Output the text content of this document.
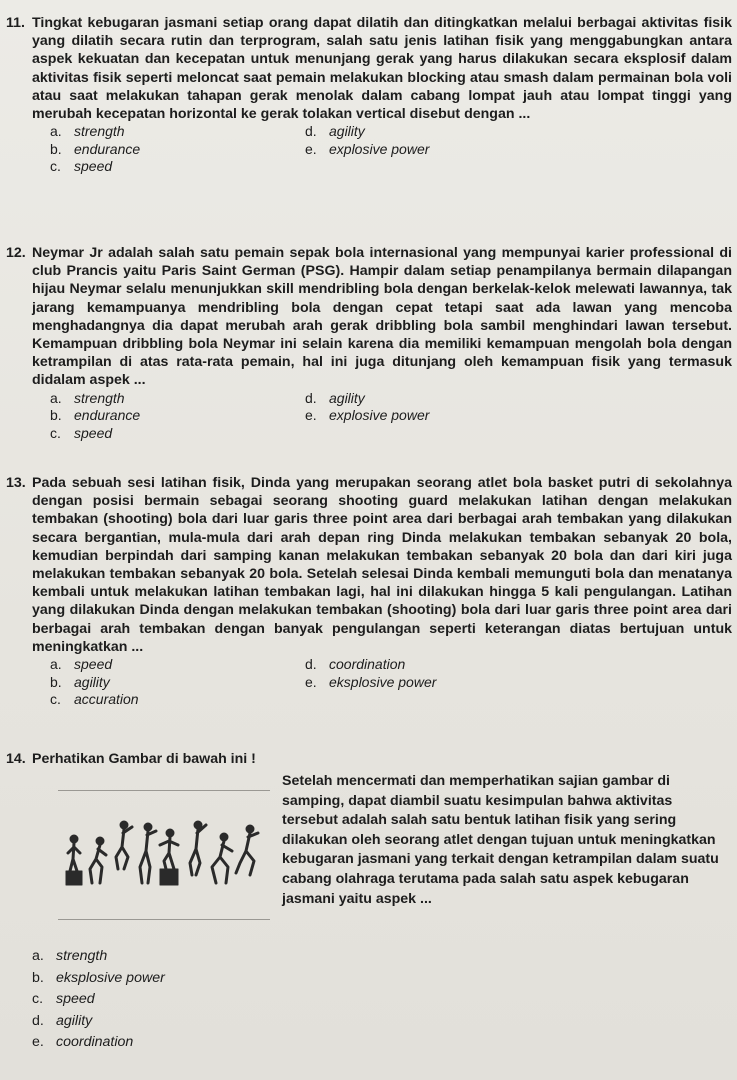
11. Tingkat kebugaran jasmani setiap orang dapat dilatih dan ditingkatkan melalui berbagai aktivitas fisik yang dilatih secara rutin dan terprogram, salah satu jenis latihan fisik yang menggabungkan antara aspek kekuatan dan kecepatan untuk menunjang gerak yang harus dilakukan secara eksplosif dalam aktivitas fisik seperti meloncat saat pemain melakukan blocking atau smash dalam permainan bola voli atau saat melakukan tahapan gerak menolak dalam cabang lompat jauh atau lompat tinggi yang merubah kecepatan horizontal ke gerak tolakan vertical disebut dengan ...
a. strength	d. agility
b. endurance	e. explosive power
c. speed
12. Neymar Jr adalah salah satu pemain sepak bola internasional yang mempunyai karier professional di club Prancis yaitu Paris Saint German (PSG). Hampir dalam setiap penampilanya bermain dilapangan hijau Neymar selalu menunjukkan skill mendribling bola dengan berkelak-kelok melewati lawannya, tak jarang kemampuanya mendribling bola dengan cepat tetapi saat ada lawan yang mencoba menghadangnya dia dapat merubah arah gerak dribbling bola sambil menghindari lawan tersebut. Kemampuan dribbling bola Neymar ini selain karena dia memiliki kemampuan mengolah bola dengan ketrampilan di atas rata-rata pemain, hal ini juga ditunjang oleh kemampuan fisik yang termasuk didalam aspek ...
a. strength	d. agility
b. endurance	e. explosive power
c. speed
13. Pada sebuah sesi latihan fisik, Dinda yang merupakan seorang atlet bola basket putri di sekolahnya dengan posisi bermain sebagai seorang shooting guard melakukan latihan dengan melakukan tembakan (shooting) bola dari luar garis three point area dari berbagai arah tembakan yang dilakukan secara bergantian, mula-mula dari arah depan ring Dinda melakukan tembakan sebanyak 20 bola, kemudian berpindah dari samping kanan melakukan tembakan sebanyak 20 bola dan dari kiri juga melakukan tembakan sebanyak 20 bola. Setelah selesai Dinda kembali memunguti bola dan menatanya kembali untuk melakukan latihan tembakan lagi, hal ini dilakukan hingga 5 kali pengulangan. Latihan yang dilakukan Dinda dengan melakukan tembakan (shooting) bola dari luar garis three point area dari berbagai arah tembakan dengan banyak pengulangan seperti keterangan diatas bertujuan untuk meningkatkan ...
a. speed	d. coordination
b. agility	e. eksplosive power
c. accuration
14. Perhatikan Gambar di bawah ini !
Setelah mencermati dan memperhatikan sajian gambar di samping, dapat diambil suatu kesimpulan bahwa aktivitas tersebut adalah salah satu bentuk latihan fisik yang sering dilakukan oleh seorang atlet dengan tujuan untuk meningkatkan kebugaran jasmani yang terkait dengan ketrampilan dalam suatu cabang olahraga terutama pada salah satu aspek kebugaran jasmani yaitu aspek ...
a. strength
b. eksplosive power
c. speed
d. agility
e. coordination
